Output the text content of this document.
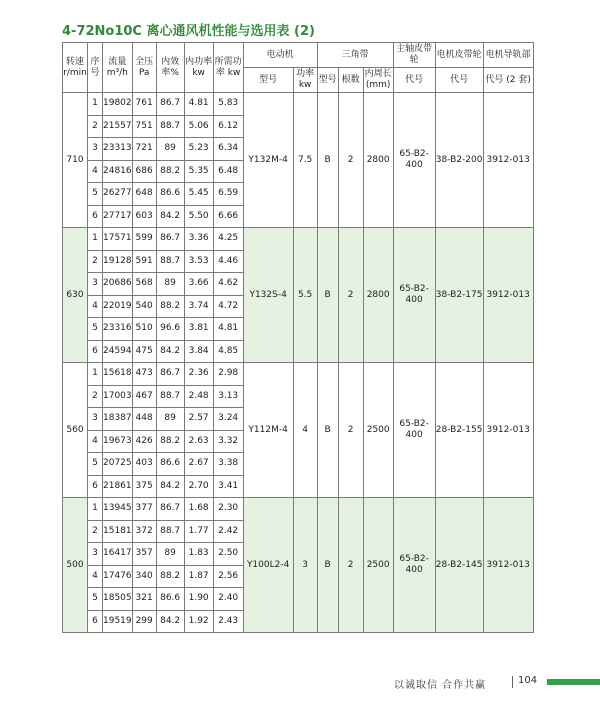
4-72No10C 离心通风机性能与选用表 (2)
转速 r/min	序号	流量 m³/h	全压 Pa	内效率%	内功率 kw	所需功率 kw	电动机		三角带			主轴皮带轮	电机皮带轮	电机导轨部
							型号	功率 kw	型号	根数	内周长 (mm)	代号	代号	代号 (2 套)
710	1	19802	761	86.7	4.81	5.83	Y132M-4	7.5	B	2	2800	65-B2-400	38-B2-200	3912-013
	2	21557	751	88.7	5.06	6.12								
	3	23313	721	89	5.23	6.34								
	4	24816	686	88.2	5.35	6.48								
	5	26277	648	86.6	5.45	6.59								
	6	27717	603	84.2	5.50	6.66								
630	1	17571	599	86.7	3.36	4.25	Y132S-4	5.5	B	2	2800	65-B2-400	38-B2-175	3912-013
	2	19128	591	88.7	3.53	4.46								
	3	20686	568	89	3.66	4.62								
	4	22019	540	88.2	3.74	4.72								
	5	23316	510	96.6	3.81	4.81								
	6	24594	475	84.2	3.84	4.85								
560	1	15618	473	86.7	2.36	2.98	Y112M-4	4	B	2	2500	65-B2-400	28-B2-155	3912-013
	2	17003	467	88.7	2.48	3.13								
	3	18387	448	89	2.57	3.24								
	4	19673	426	88.2	2.63	3.32								
	5	20725	403	86.6	2.67	3.38								
	6	21861	375	84.2	2.70	3.41								
500	1	13945	377	86.7	1.68	2.30	Y100L2-4	3	B	2	2500	65-B2-400	28-B2-145	3912-013
	2	15181	372	88.7	1.77	2.42								
	3	16417	357	89	1.83	2.50								
	4	17476	340	88.2	1.87	2.56								
	5	18505	321	86.6	1.90	2.40								
	6	19519	299	84.2	1.92	2.43								
以诚取信 合作共赢	104
